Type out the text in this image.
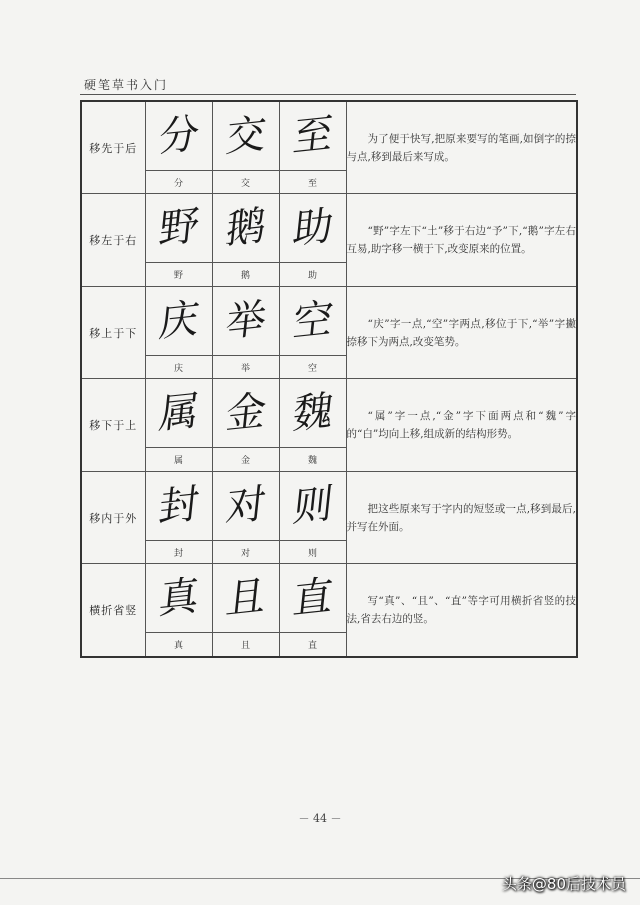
硬笔草书入门
移先于后	分	交	至	为了便于快写,把原来要写的笔画,如倒字的捺与点,移到最后来写成。
	分	交	至	
移左于右	野	鹅	助	“野”字左下“土”移于右边“予”下,“鹅”字左右互易,助字移一横于下,改变原来的位置。
	野	鹅	助	
移上于下	庆	举	空	“庆”字一点,“空”字两点,移位于下,“举”字撇捺移下为两点,改变笔势。
	庆	举	空	
移下于上	属	金	魏	“属”字一点,“金”字下面两点和“魏”字的“白”均向上移,组成新的结构形势。
	属	金	魏	
移内于外	封	对	则	把这些原来写于字内的短竖或一点,移到最后,并写在外面。
	封	对	则	
横折省竖	真	且	直	写“真”、“且”、“直”等字可用横折省竖的技法,省去右边的竖。
	真	且	直	
－ 44 －
头条@80后技术员
